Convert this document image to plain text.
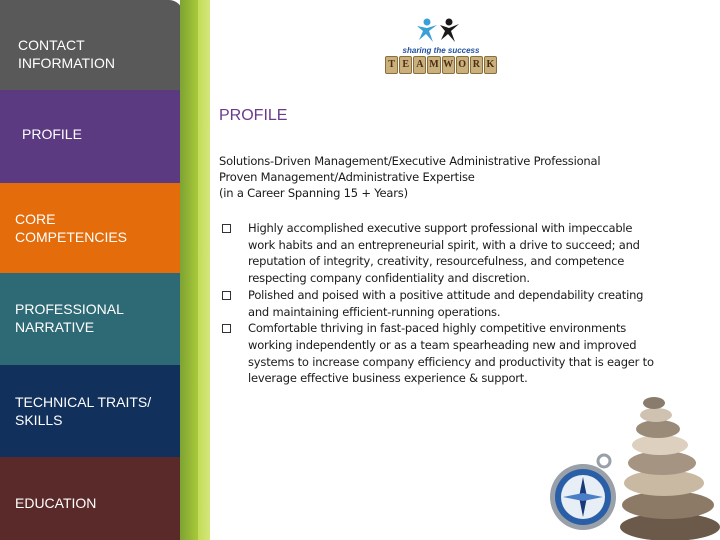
CONTACT INFORMATION
PROFILE
CORE
COMPETENCIES
PROFESSIONAL
NARRATIVE
TECHNICAL TRAITS/
SKILLS
EDUCATION
sharing the success
T E A M W O R K
PROFILE
Solutions-Driven Management/Executive Administrative Professional
Proven Management/Administrative Expertise
(in a Career Spanning 15 + Years)
Highly accomplished executive support professional with impeccable work habits and an entrepreneurial spirit, with a drive to succeed; and reputation of integrity, creativity, resourcefulness, and competence respecting company confidentiality and discretion.
Polished and poised with a positive attitude and dependability creating and maintaining efficient-running operations.
Comfortable thriving in fast-paced highly competitive environments working independently or as a team spearheading new and improved systems to increase company efficiency and productivity that is eager to leverage effective business experience & support.
